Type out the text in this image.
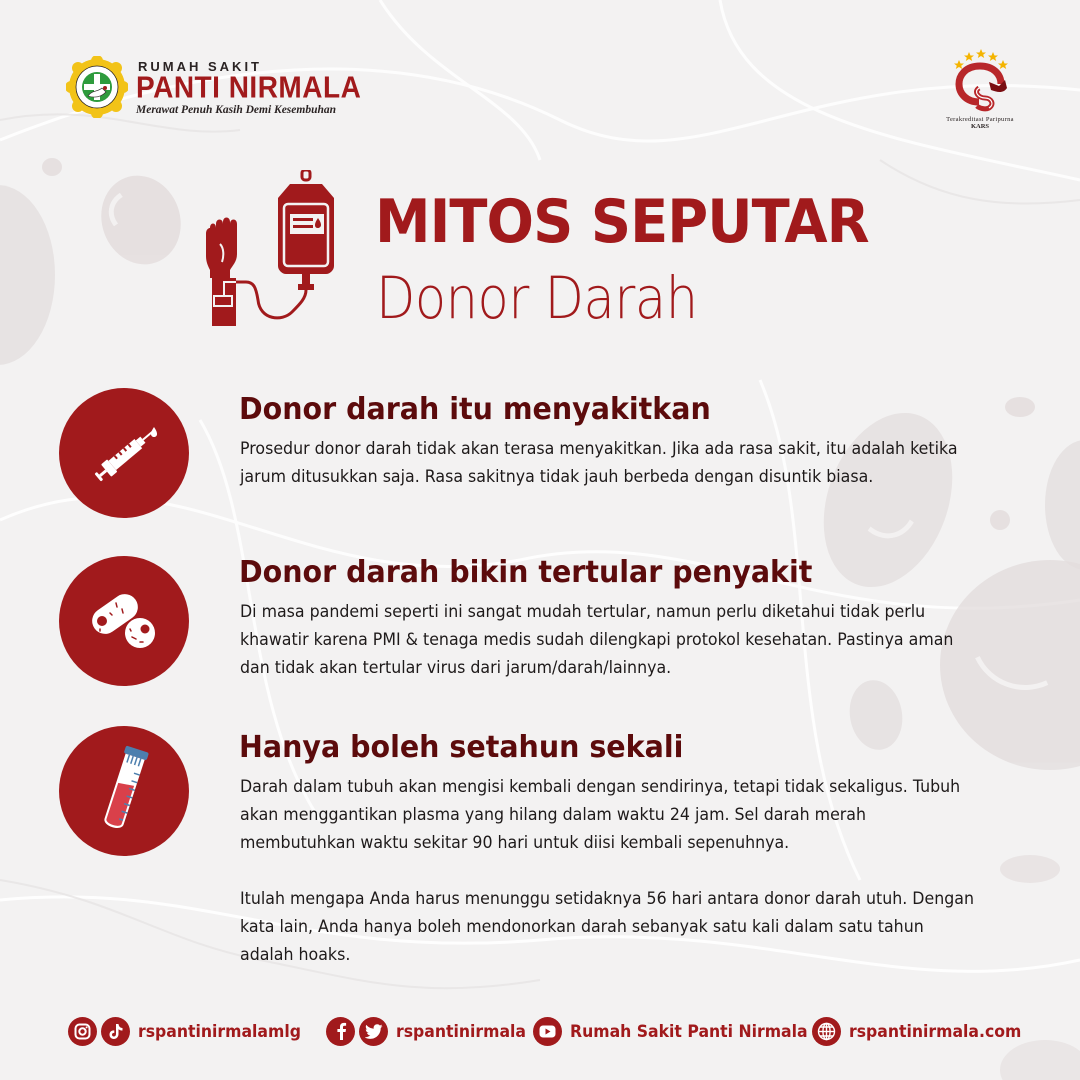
RUMAH SAKIT
PANTI NIRMALA
Merawat Penuh Kasih Demi Kesembuhan
Terakreditasi Paripurna
KARS
MITOS SEPUTAR
Donor Darah
Donor darah itu menyakitkan

Prosedur donor darah tidak akan terasa menyakitkan. Jika ada rasa sakit, itu adalah ketika jarum ditusukkan saja. Rasa sakitnya tidak jauh berbeda dengan disuntik biasa.

Donor darah bikin tertular penyakit

Di masa pandemi seperti ini sangat mudah tertular, namun perlu diketahui tidak perlu khawatir karena PMI & tenaga medis sudah dilengkapi protokol kesehatan. Pastinya aman dan tidak akan tertular virus dari jarum/darah/lainnya.

Hanya boleh setahun sekali

Darah dalam tubuh akan mengisi kembali dengan sendirinya, tetapi tidak sekaligus. Tubuh akan menggantikan plasma yang hilang dalam waktu 24 jam. Sel darah merah membutuhkan waktu sekitar 90 hari untuk diisi kembali sepenuhnya.

Itulah mengapa Anda harus menunggu setidaknya 56 hari antara donor darah utuh. Dengan kata lain, Anda hanya boleh mendonorkan darah sebanyak satu kali dalam satu tahun adalah hoaks.

rspantinirmalamlg	rspantinirmala	Rumah Sakit Panti Nirmala	rspantinirmala.com
